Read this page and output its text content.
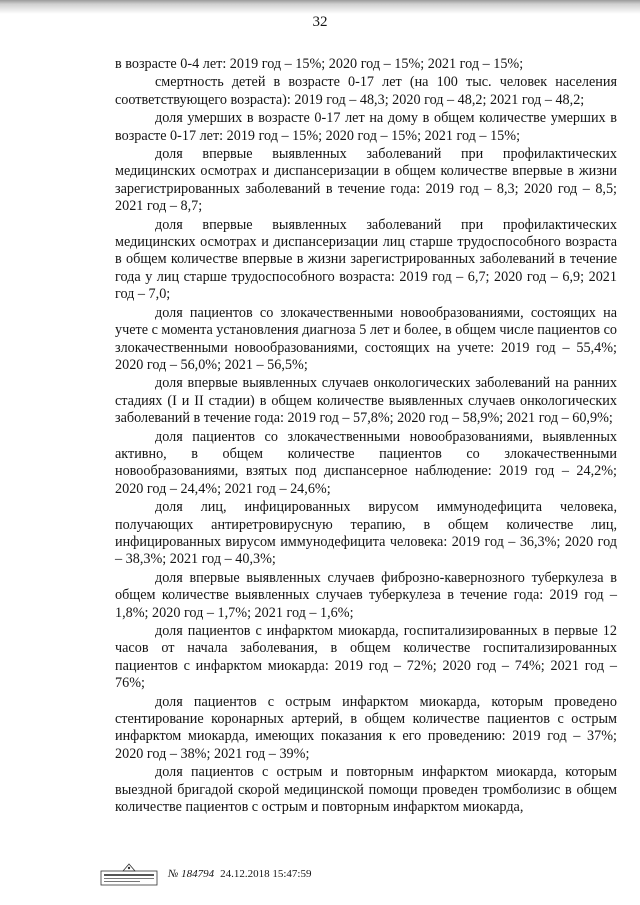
32

в возрасте 0-4 лет: 2019 год – 15%; 2020 год – 15%; 2021 год – 15%;

смертность детей в возрасте 0-17 лет (на 100 тыс. человек населения соответствующего возраста): 2019 год – 48,3; 2020 год – 48,2; 2021 год – 48,2;

доля умерших в возрасте 0-17 лет на дому в общем количестве умерших в возрасте 0-17 лет: 2019 год – 15%; 2020 год – 15%; 2021 год – 15%;

доля впервые выявленных заболеваний при профилактических медицинских осмотрах и диспансеризации в общем количестве впервые в жизни зарегистрированных заболеваний в течение года: 2019 год – 8,3; 2020 год – 8,5; 2021 год – 8,7;

доля впервые выявленных заболеваний при профилактических медицинских осмотрах и диспансеризации лиц старше трудоспособного возраста в общем количестве впервые в жизни зарегистрированных заболеваний в течение года у лиц старше трудоспособного возраста: 2019 год – 6,7; 2020 год – 6,9; 2021 год – 7,0;

доля пациентов со злокачественными новообразованиями, состоящих на учете с момента установления диагноза 5 лет и более, в общем числе пациентов со злокачественными новообразованиями, состоящих на учете: 2019 год – 55,4%; 2020 год – 56,0%; 2021 – 56,5%;

доля впервые выявленных случаев онкологических заболеваний на ранних стадиях (I и II стадии) в общем количестве выявленных случаев онкологических заболеваний в течение года: 2019 год – 57,8%; 2020 год – 58,9%; 2021 год – 60,9%;

доля пациентов со злокачественными новообразованиями, выявленных активно, в общем количестве пациентов со злокачественными новообразованиями, взятых под диспансерное наблюдение: 2019 год – 24,2%; 2020 год – 24,4%; 2021 год – 24,6%;

доля лиц, инфицированных вирусом иммунодефицита человека, получающих антиретровирусную терапию, в общем количестве лиц, инфицированных вирусом иммунодефицита человека: 2019 год – 36,3%; 2020 год – 38,3%; 2021 год – 40,3%;

доля впервые выявленных случаев фиброзно-кавернозного туберкулеза в общем количестве выявленных случаев туберкулеза в течение года: 2019 год – 1,8%; 2020 год – 1,7%; 2021 год – 1,6%;

доля пациентов с инфарктом миокарда, госпитализированных в первые 12 часов от начала заболевания, в общем количестве госпитализированных пациентов с инфарктом миокарда: 2019 год – 72%; 2020 год – 74%; 2021 год – 76%;

доля пациентов с острым инфарктом миокарда, которым проведено стентирование коронарных артерий, в общем количестве пациентов с острым инфарктом миокарда, имеющих показания к его проведению: 2019 год – 37%; 2020 год – 38%; 2021 год – 39%;

доля пациентов с острым и повторным инфарктом миокарда, которым выездной бригадой скорой медицинской помощи проведен тромболизис в общем количестве пациентов с острым и повторным инфарктом миокарда,

№ 184794 24.12.2018 15:47:59
